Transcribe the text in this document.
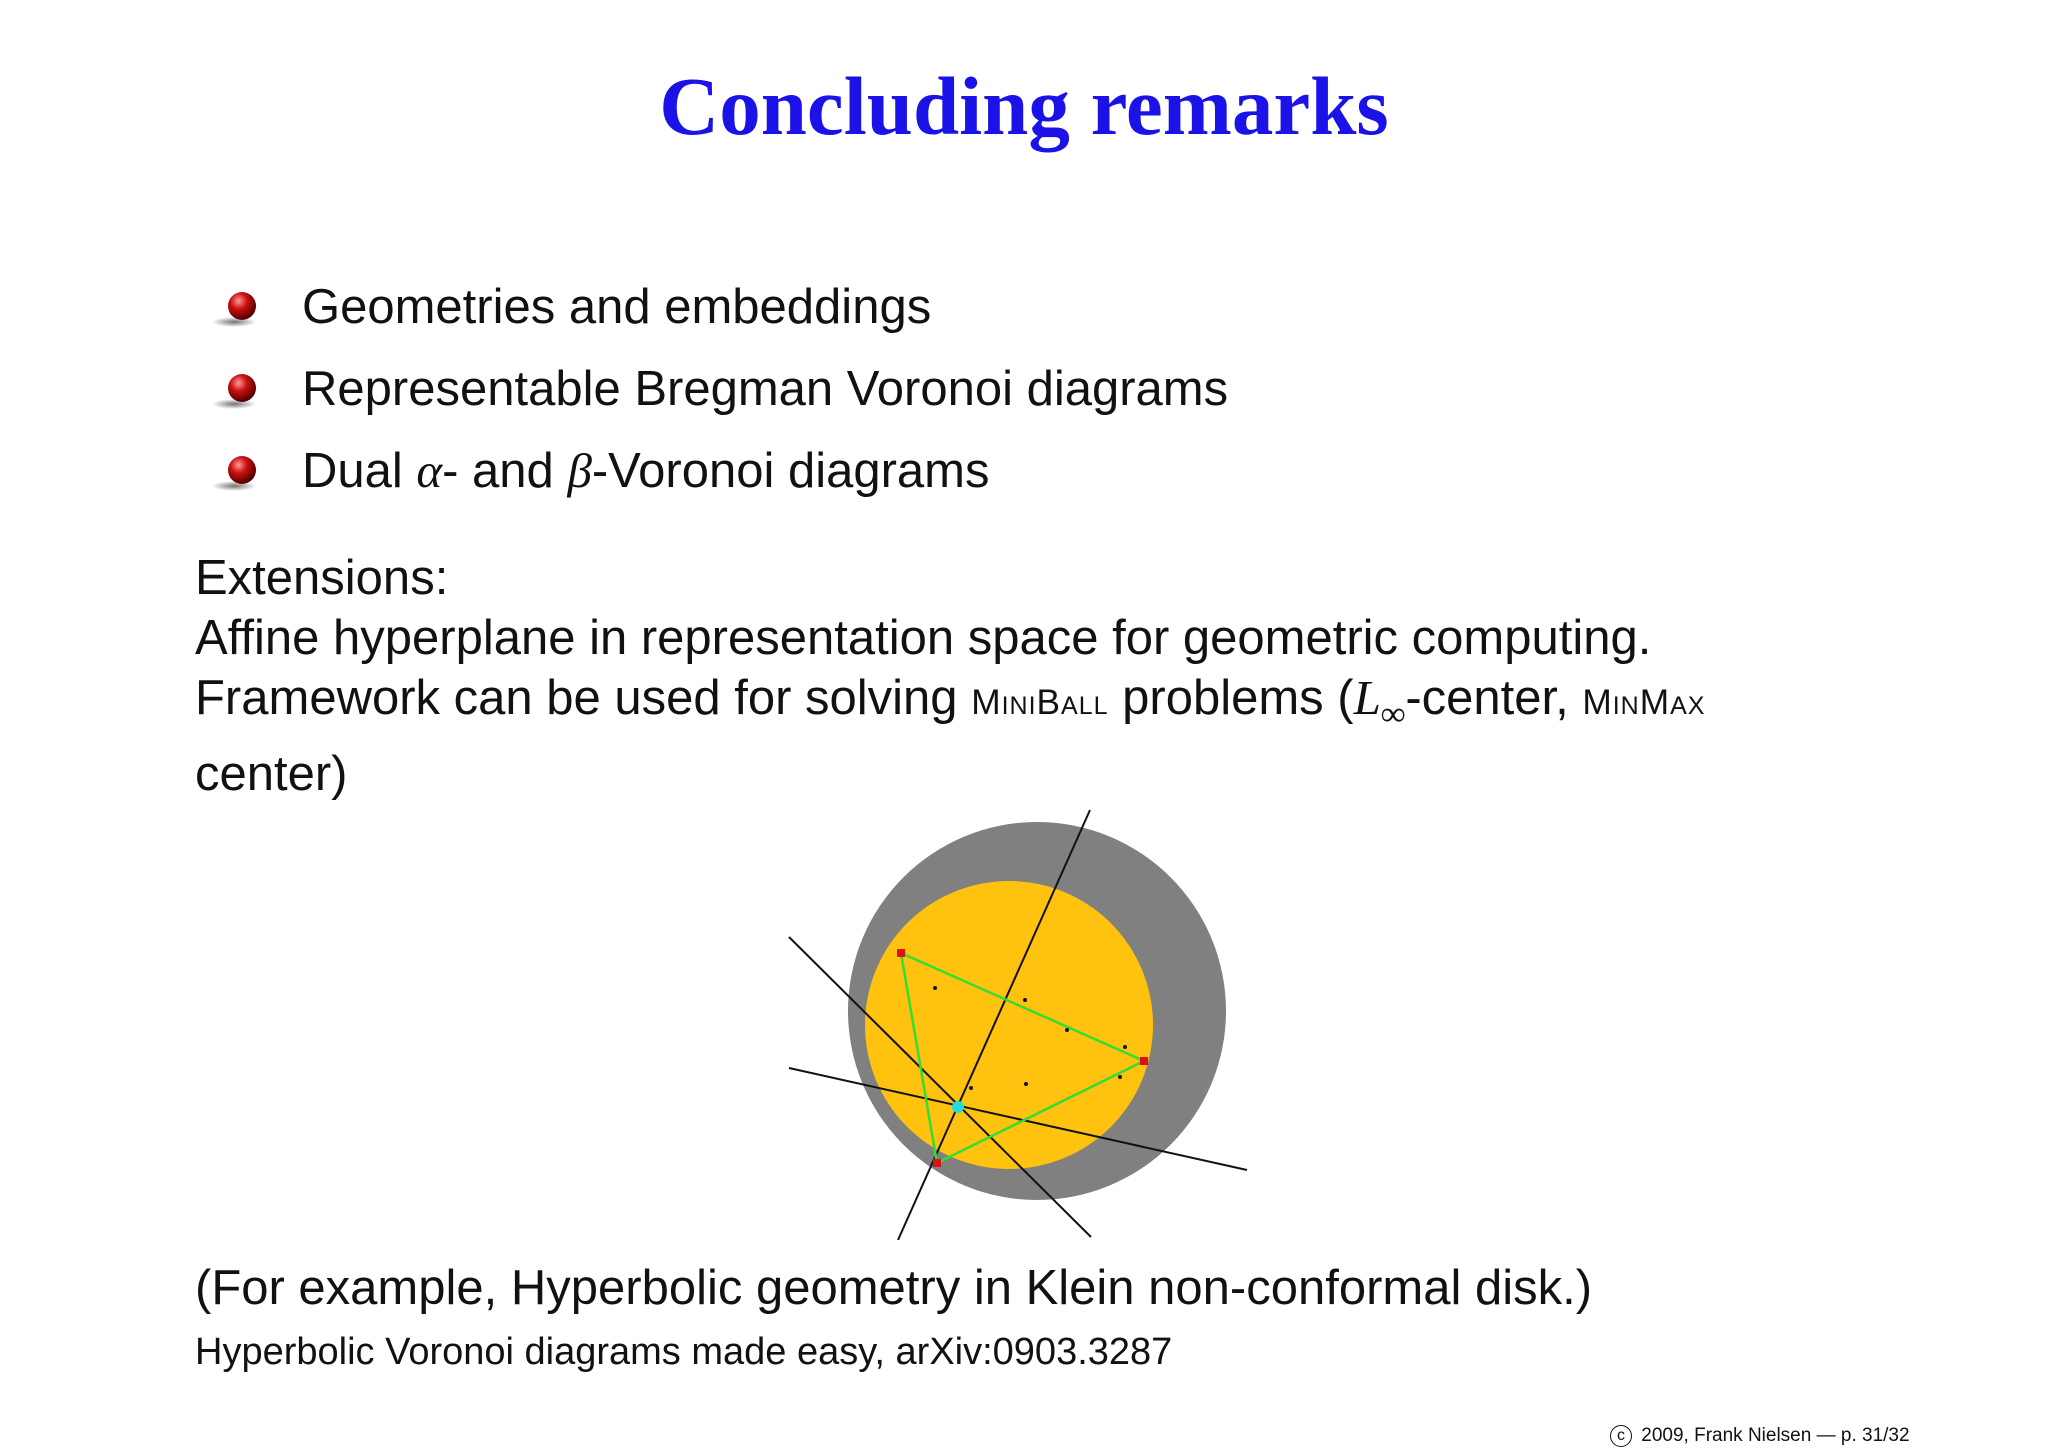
Concluding remarks
Geometries and embeddings
Representable Bregman Voronoi diagrams
Dual α- and β-Voronoi diagrams
Extensions:
Affine hyperplane in representation space for geometric computing.
Framework can be used for solving MiniBall problems ($L_\infty$-center, MinMax
center)

(For example, Hyperbolic geometry in Klein non-conformal disk.)

Hyperbolic Voronoi diagrams made easy, arXiv:0903.3287

c 2009, Frank Nielsen — p. 31/32
